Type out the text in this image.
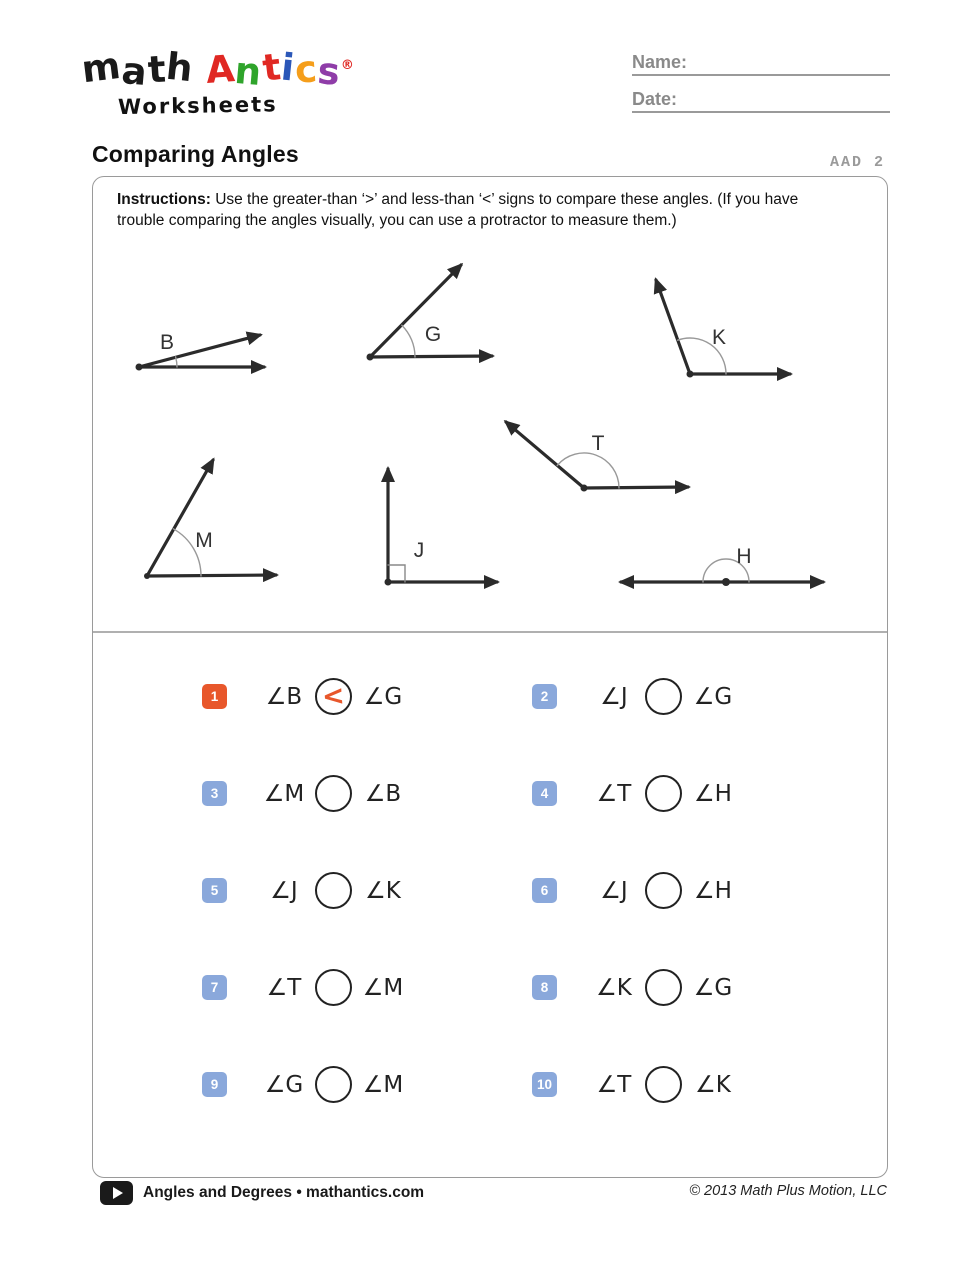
math Antics®
Worksheets
Name:
Date:
Comparing Angles	AAD 2
Instructions: Use the greater-than ‘>’ and less-than ‘<’ signs to compare these angles. (If you have trouble comparing the angles visually, you can use a protractor to measure them.)
B	G	K
M	J
T
H
1	∠B < ∠G
3	∠M	∠B
5	∠J	∠K
7	∠T	∠M
9	∠G	∠M
2	∠J	∠G
4	∠T	∠H
6	∠J	∠H
8	∠K	∠G
10	∠T	∠K
Angles and Degrees • mathantics.com	© 2013 Math Plus Motion, LLC
